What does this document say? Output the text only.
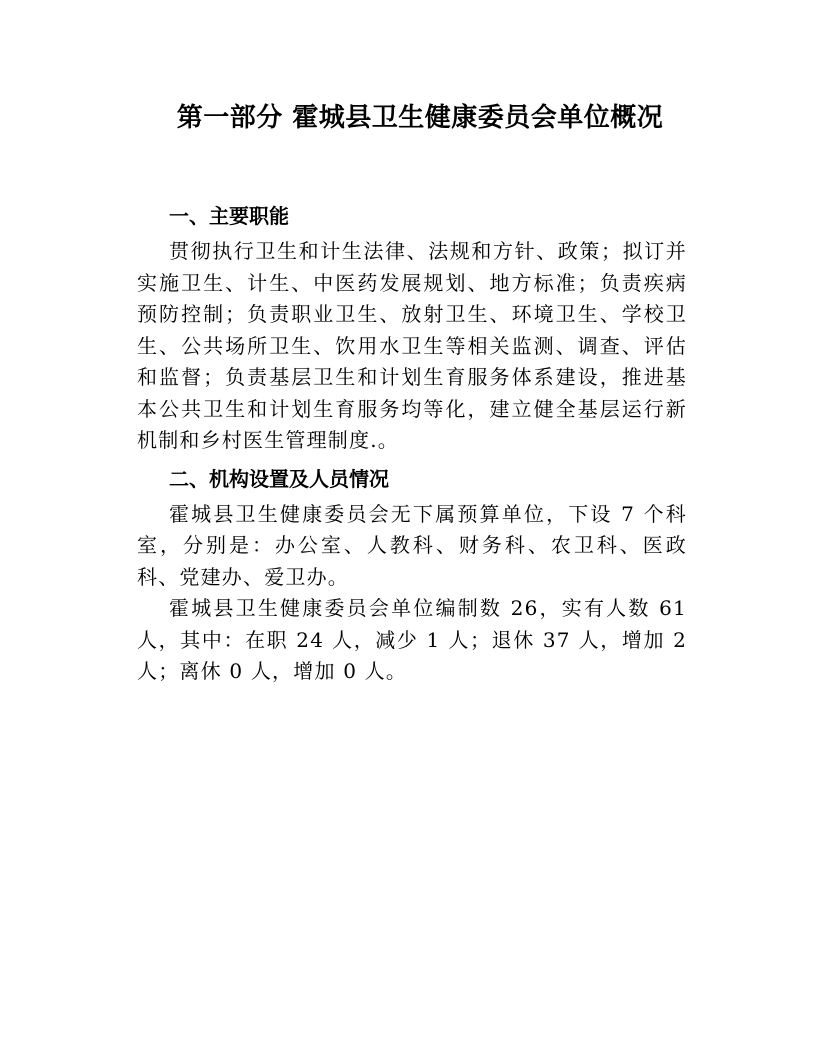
第一部分 霍城县卫生健康委员会单位概况
一、主要职能

贯彻执行卫生和计生法律、法规和方针、政策；拟订并实施卫生、计生、中医药发展规划、地方标准；负责疾病预防控制；负责职业卫生、放射卫生、环境卫生、学校卫生、公共场所卫生、饮用水卫生等相关监测、调查、评估和监督；负责基层卫生和计划生育服务体系建设，推进基本公共卫生和计划生育服务均等化，建立健全基层运行新机制和乡村医生管理制度.。

二、机构设置及人员情况

霍城县卫生健康委员会无下属预算单位，下设 7 个科室，分别是：办公室、人教科、财务科、农卫科、医政科、党建办、爱卫办。

霍城县卫生健康委员会单位编制数 26，实有人数 61 人，其中：在职 24 人，减少 1 人；退休 37 人，增加 2 人；离休 0 人，增加 0 人。
